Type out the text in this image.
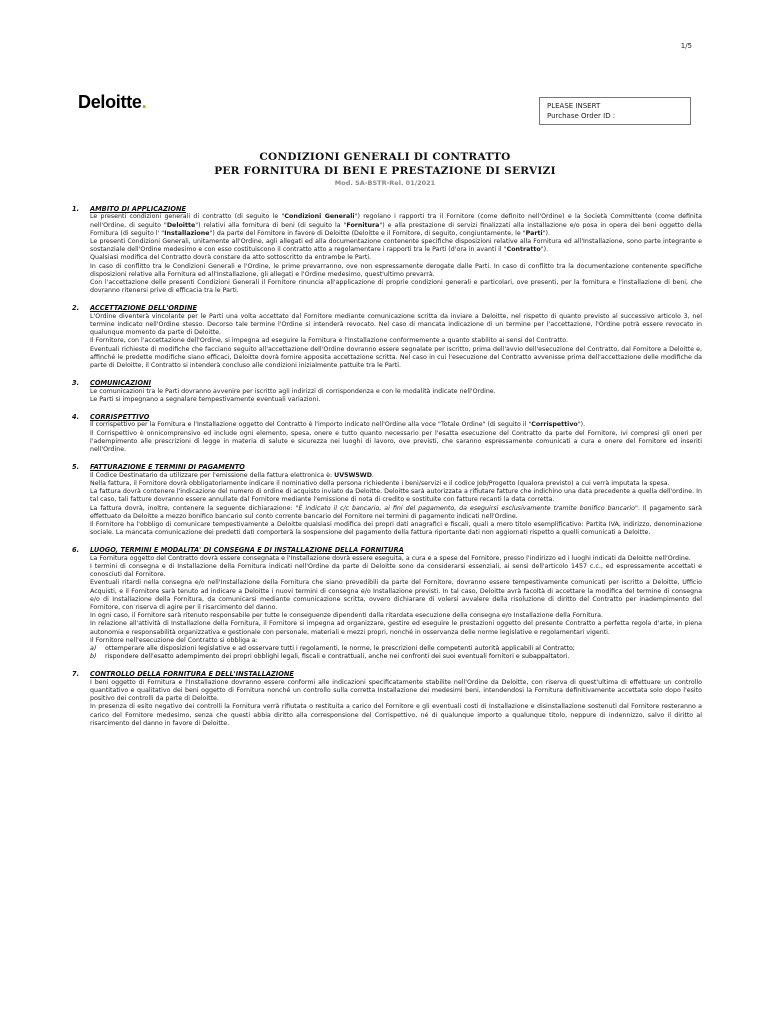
1/5
Deloitte.	PLEASE INSERT
Purchase Order ID :
CONDIZIONI GENERALI DI CONTRATTO
PER FORNITURA DI BENI E PRESTAZIONE DI SERVIZI
Mod. SA-BSTR-Rel. 01/2021
1.	AMBITO DI APPLICAZIONE
Le presenti condizioni generali di contratto (di seguito le "Condizioni Generali") regolano i rapporti tra il Fornitore (come definito nell'Ordine) e la Società Committente (come definita nell'Ordine, di seguito "Deloitte") relativi alla fornitura di beni (di seguito la "Fornitura") e alla prestazione di servizi finalizzati alla installazione e/o posa in opera dei beni oggetto della Fornitura (di seguito l' "Installazione") da parte del Fornitore in favore di Deloitte (Deloitte e il Fornitore, di seguito, congiuntamente, le "Parti").
Le presenti Condizioni Generali, unitamente all'Ordine, agli allegati ed alla documentazione contenente specifiche disposizioni relative alla Fornitura ed all'Installazione, sono parte integrante e sostanziale dell'Ordine medesimo e con esso costituiscono il contratto atto a regolamentare i rapporti tra le Parti (d'ora in avanti il "Contratto").
Qualsiasi modifica del Contratto dovrà constare da atto sottoscritto da entrambe le Parti.
In caso di conflitto tra le Condizioni Generali e l'Ordine, le prime prevarranno, ove non espressamente derogate dalle Parti. In caso di conflitto tra la documentazione contenente specifiche disposizioni relative alla Fornitura ed all'Installazione, gli allegati e l'Ordine medesimo, quest'ultimo prevarrà.
Con l'accettazione delle presenti Condizioni Generali il Fornitore rinuncia all'applicazione di proprie condizioni generali e particolari, ove presenti, per la fornitura e l'installazione di beni, che dovranno ritenersi prive di efficacia tra le Parti.
2.	ACCETTAZIONE DELL'ORDINE
L'Ordine diventerà vincolante per le Parti una volta accettato dal Fornitore mediante comunicazione scritta da inviare a Deloitte, nel rispetto di quanto previsto al successivo articolo 3, nel termine indicato nell'Ordine stesso. Decorso tale termine l'Ordine si intenderà revocato. Nel caso di mancata indicazione di un termine per l'accettazione, l'Ordine potrà essere revocato in qualunque momento da parte di Deloitte.
Il Fornitore, con l'accettazione dell'Ordine, si impegna ad eseguire la Fornitura e l'Installazione conformemente a quanto stabilito ai sensi del Contratto.
Eventuali richieste di modifiche che facciano seguito all'accettazione dell'Ordine dovranno essere segnalate per iscritto, prima dell'avvio dell'esecuzione del Contratto, dal Fornitore a Deloitte e, affinché le predette modifiche siano efficaci, Deloitte dovrà fornire apposita accettazione scritta. Nel caso in cui l'esecuzione del Contratto avvenisse prima dell'accettazione delle modifiche da parte di Deloitte, il Contratto si intenderà concluso alle condizioni inizialmente pattuite tra le Parti.
3.	COMUNICAZIONI
Le comunicazioni tra le Parti dovranno avvenire per iscritto agli indirizzi di corrispondenza e con le modalità indicate nell'Ordine.
Le Parti si impegnano a segnalare tempestivamente eventuali variazioni.
4.	CORRISPETTIVO
Il corrispettivo per la Fornitura e l'Installazione oggetto del Contratto è l'importo indicato nell'Ordine alla voce "Totale Ordine" (di seguito il "Corrispettivo").
Il Corrispettivo è onnicomprensivo ed include ogni elemento, spesa, onere e tutto quanto necessario per l'esatta esecuzione del Contratto da parte del Fornitore, ivi compresi gli oneri per l'adempimento alle prescrizioni di legge in materia di salute e sicurezza nei luoghi di lavoro, ove previsti, che saranno espressamente comunicati a cura e onere del Fornitore ed inseriti nell'Ordine.
5.	FATTURAZIONE E TERMINI DI PAGAMENTO
Il Codice Destinatario da utilizzare per l'emissione della fattura elettronica è: UV5W5WD.
Nella fattura, il Fornitore dovrà obbligatoriamente indicare il nominativo della persona richiedente i beni/servizi e il codice Job/Progetto (qualora previsto) a cui verrà imputata la spesa.
La fattura dovrà contenere l'indicazione del numero di ordine di acquisto inviato da Deloitte. Deloitte sarà autorizzata a rifiutare fatture che indichino una data precedente a quella dell'ordine. In tal caso, tali fatture dovranno essere annullate dal Fornitore mediante l'emissione di nota di credito e sostituite con fatture recanti la data corretta.
La fattura dovrà, inoltre, contenere la seguente dichiarazione: "È indicato il c/c bancario, ai fini del pagamento, da eseguirsi esclusivamente tramite bonifico bancario". Il pagamento sarà effettuato da Deloitte a mezzo bonifico bancario sul conto corrente bancario del Fornitore nei termini di pagamento indicati nell'Ordine.
Il Fornitore ha l'obbligo di comunicare tempestivamente a Deloitte qualsiasi modifica dei propri dati anagrafici e fiscali, quali a mero titolo esemplificativo: Partita IVA, indirizzo, denominazione sociale. La mancata comunicazione dei predetti dati comporterà la sospensione del pagamento della fattura riportante dati non aggiornati rispetto a quelli comunicati a Deloitte.
6.	LUOGO, TERMINI E MODALITA' DI CONSEGNA E DI INSTALLAZIONE DELLA FORNITURA
La Fornitura oggetto del Contratto dovrà essere consegnata e l'Installazione dovrà essere eseguita, a cura e a spese del Fornitore, presso l'indirizzo ed i luoghi indicati da Deloitte nell'Ordine.
I termini di consegna e di Installazione della Fornitura indicati nell'Ordine da parte di Deloitte sono da considerarsi essenziali, ai sensi dell'articolo 1457 c.c., ed espressamente accettati e conosciuti dal Fornitore.
Eventuali ritardi nella consegna e/o nell'Installazione della Fornitura che siano prevedibili da parte del Fornitore, dovranno essere tempestivamente comunicati per iscritto a Deloitte, Ufficio Acquisti, e il Fornitore sarà tenuto ad indicare a Deloitte i nuovi termini di consegna e/o Installazione previsti. In tal caso, Deloitte avrà facoltà di accettare la modifica del termine di consegna e/o di Installazione della Fornitura, da comunicarsi mediante comunicazione scritta, ovvero dichiarare di volersi avvalere della risoluzione di diritto del Contratto per inadempimento del Fornitore, con riserva di agire per il risarcimento del danno.
In ogni caso, il Fornitore sarà ritenuto responsabile per tutte le conseguenze dipendenti dalla ritardata esecuzione della consegna e/o Installazione della Fornitura.
In relazione all'attività di Installazione della Fornitura, il Fornitore si impegna ad organizzare, gestire ed eseguire le prestazioni oggetto del presente Contratto a perfetta regola d'arte, in piena autonomia e responsabilità organizzativa e gestionale con personale, materiali e mezzi propri, nonché in osservanza delle norme legislative e regolamentari vigenti.
Il Fornitore nell'esecuzione del Contratto si obbliga a:
a)	ottemperare alle disposizioni legislative e ad osservare tutti i regolamenti, le norme, le prescrizioni delle competenti autorità applicabili al Contratto;
b)	rispondere dell'esatto adempimento dei propri obblighi legali, fiscali e contrattuali, anche nei confronti dei suoi eventuali fornitori e subappaltatori.
7.	CONTROLLO DELLA FORNITURA E DELL'INSTALLAZIONE
I beni oggetto di Fornitura e l'Installazione dovranno essere conformi alle indicazioni specificatamente stabilite nell'Ordine da Deloitte, con riserva di quest'ultima di effettuare un controllo quantitativo e qualitativo dei beni oggetto di Fornitura nonché un controllo sulla corretta Installazione dei medesimi beni, intendendosi la Fornitura definitivamente accettata solo dopo l'esito positivo dei controlli da parte di Deloitte.
In presenza di esito negativo dei controlli la Fornitura verrà rifiutata o restituita a carico del Fornitore e gli eventuali costi di Installazione e disinstallazione sostenuti dal Fornitore resteranno a carico del Fornitore medesimo, senza che questi abbia diritto alla corresponsione del Corrispettivo, né di qualunque importo a qualunque titolo, neppure di indennizzo, salvo il diritto al risarcimento del danno in favore di Deloitte.
